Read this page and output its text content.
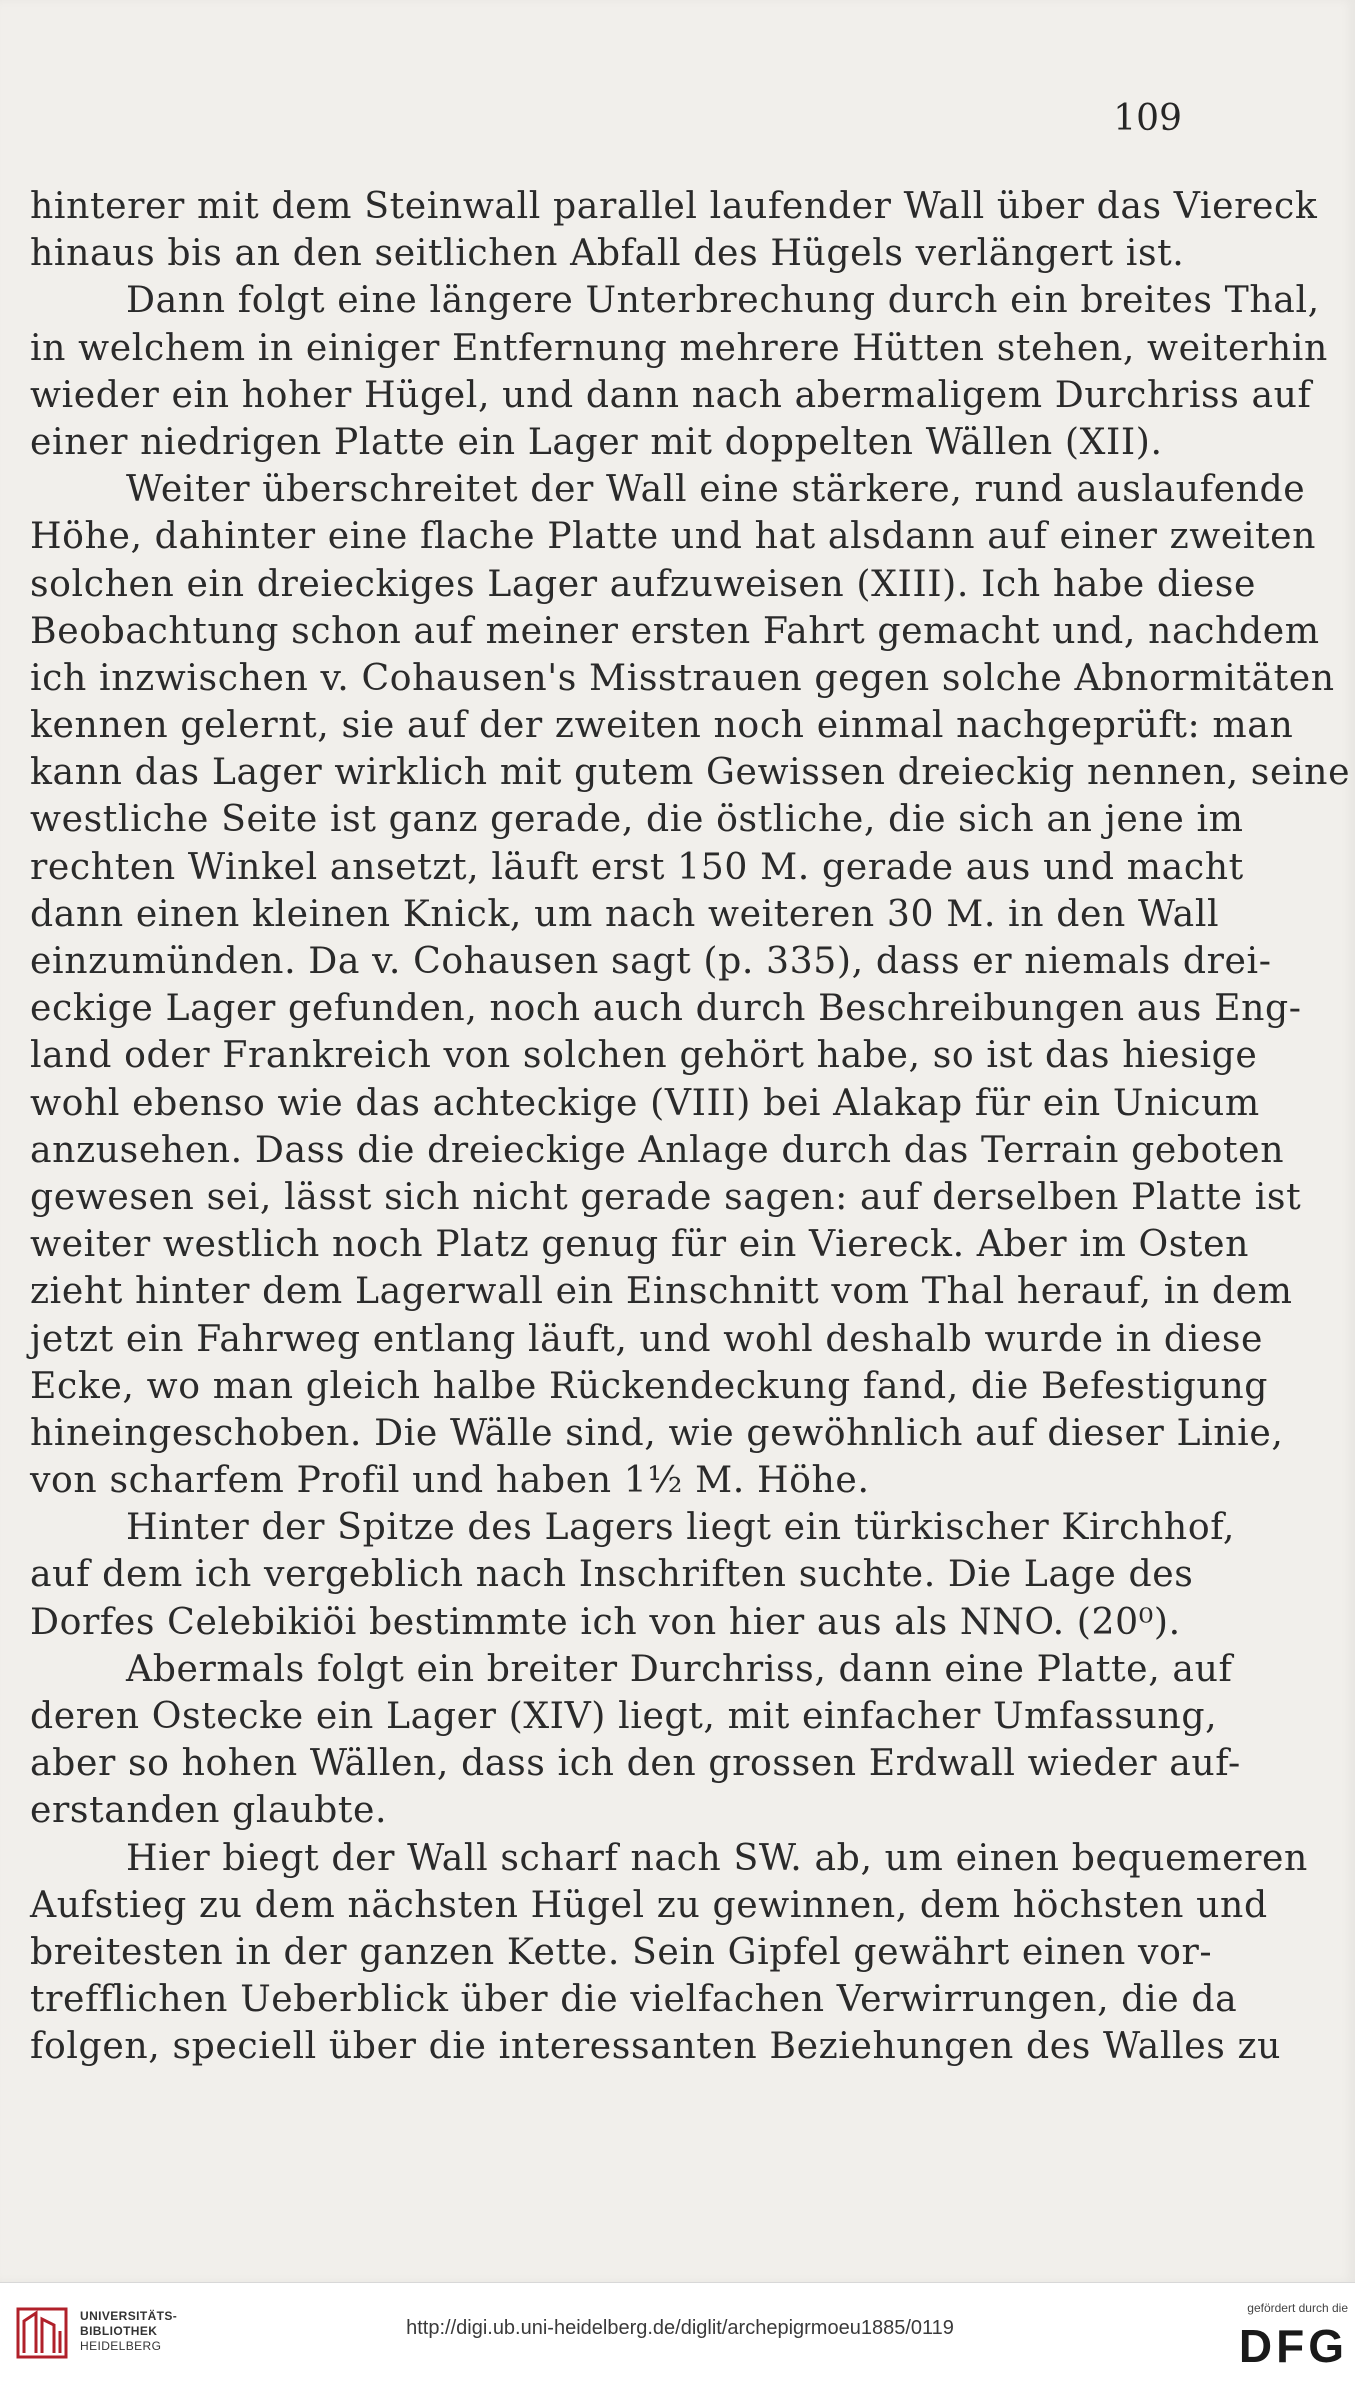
109
hinterer mit dem Steinwall parallel laufender Wall über das Viereck
hinaus bis an den seitlichen Abfall des Hügels verlängert ist.
Dann folgt eine längere Unterbrechung durch ein breites Thal,
in welchem in einiger Entfernung mehrere Hütten stehen, weiterhin
wieder ein hoher Hügel, und dann nach abermaligem Durchriss auf
einer niedrigen Platte ein Lager mit doppelten Wällen (XII).
Weiter überschreitet der Wall eine stärkere, rund auslaufende
Höhe, dahinter eine flache Platte und hat alsdann auf einer zweiten
solchen ein dreieckiges Lager aufzuweisen (XIII). Ich habe diese
Beobachtung schon auf meiner ersten Fahrt gemacht und, nachdem
ich inzwischen v. Cohausen's Misstrauen gegen solche Abnormitäten
kennen gelernt, sie auf der zweiten noch einmal nachgeprüft: man
kann das Lager wirklich mit gutem Gewissen dreieckig nennen, seine
westliche Seite ist ganz gerade, die östliche, die sich an jene im
rechten Winkel ansetzt, läuft erst 150 M. gerade aus und macht
dann einen kleinen Knick, um nach weiteren 30 M. in den Wall
einzumünden. Da v. Cohausen sagt (p. 335), dass er niemals drei-
eckige Lager gefunden, noch auch durch Beschreibungen aus Eng-
land oder Frankreich von solchen gehört habe, so ist das hiesige
wohl ebenso wie das achteckige (VIII) bei Alakap für ein Unicum
anzusehen. Dass die dreieckige Anlage durch das Terrain geboten
gewesen sei, lässt sich nicht gerade sagen: auf derselben Platte ist
weiter westlich noch Platz genug für ein Viereck. Aber im Osten
zieht hinter dem Lagerwall ein Einschnitt vom Thal herauf, in dem
jetzt ein Fahrweg entlang läuft, und wohl deshalb wurde in diese
Ecke, wo man gleich halbe Rückendeckung fand, die Befestigung
hineingeschoben. Die Wälle sind, wie gewöhnlich auf dieser Linie,
von scharfem Profil und haben 1½ M. Höhe.
Hinter der Spitze des Lagers liegt ein türkischer Kirchhof,
auf dem ich vergeblich nach Inschriften suchte. Die Lage des
Dorfes Celebikiöi bestimmte ich von hier aus als NNO. (20⁰).
Abermals folgt ein breiter Durchriss, dann eine Platte, auf
deren Ostecke ein Lager (XIV) liegt, mit einfacher Umfassung,
aber so hohen Wällen, dass ich den grossen Erdwall wieder auf-
erstanden glaubte.
Hier biegt der Wall scharf nach SW. ab, um einen bequemeren
Aufstieg zu dem nächsten Hügel zu gewinnen, dem höchsten und
breitesten in der ganzen Kette. Sein Gipfel gewährt einen vor-
trefflichen Ueberblick über die vielfachen Verwirrungen, die da
folgen, speciell über die interessanten Beziehungen des Walles zu
UNIVERSITÄTS-
BIBLIOTHEK
HEIDELBERG
http://digi.ub.uni-heidelberg.de/diglit/archepigrmoeu1885/0119
gefördert durch die
DFG
